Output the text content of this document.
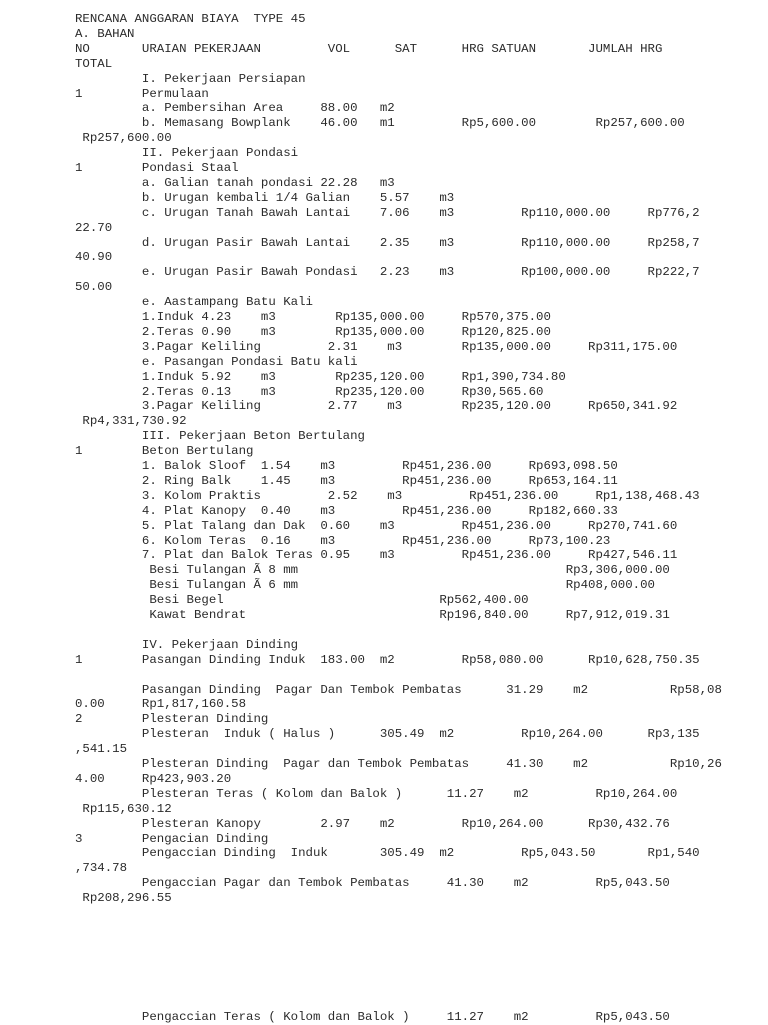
RENCANA ANGGARAN BIAYA  TYPE 45
A. BAHAN
NO       URAIAN PEKERJAAN         VOL      SAT      HRG SATUAN       JUMLAH HRG
TOTAL
I. Pekerjaan Persiapan
1        Permulaan
a. Pembersihan Area     88.00   m2
b. Memasang Bowplank    46.00   m1         Rp5,600.00        Rp257,600.00
Rp257,600.00
II. Pekerjaan Pondasi
1        Pondasi Staal
a. Galian tanah pondasi 22.28   m3
b. Urugan kembali 1/4 Galian    5.57    m3
c. Urugan Tanah Bawah Lantai    7.06    m3         Rp110,000.00     Rp776,2
22.70
d. Urugan Pasir Bawah Lantai    2.35    m3         Rp110,000.00     Rp258,7
40.90
e. Urugan Pasir Bawah Pondasi   2.23    m3         Rp100,000.00     Rp222,7
50.00
e. Aastampang Batu Kali
1.Induk 4.23    m3        Rp135,000.00     Rp570,375.00
2.Teras 0.90    m3        Rp135,000.00     Rp120,825.00
3.Pagar Keliling         2.31    m3        Rp135,000.00     Rp311,175.00
e. Pasangan Pondasi Batu kali
1.Induk 5.92    m3        Rp235,120.00     Rp1,390,734.80
2.Teras 0.13    m3        Rp235,120.00     Rp30,565.60
3.Pagar Keliling         2.77    m3        Rp235,120.00     Rp650,341.92
Rp4,331,730.92
III. Pekerjaan Beton Bertulang
1        Beton Bertulang
1. Balok Sloof  1.54    m3         Rp451,236.00     Rp693,098.50
2. Ring Balk    1.45    m3         Rp451,236.00     Rp653,164.11
3. Kolom Praktis         2.52    m3         Rp451,236.00     Rp1,138,468.43
4. Plat Kanopy  0.40    m3         Rp451,236.00     Rp182,660.33
5. Plat Talang dan Dak  0.60    m3         Rp451,236.00     Rp270,741.60
6. Kolom Teras  0.16    m3         Rp451,236.00     Rp73,100.23
7. Plat dan Balok Teras 0.95    m3         Rp451,236.00     Rp427,546.11
Besi Tulangan Ã 8 mm                                    Rp3,306,000.00
Besi Tulangan Ã 6 mm                                    Rp408,000.00
Besi Begel                             Rp562,400.00
Kawat Bendrat                          Rp196,840.00     Rp7,912,019.31
IV. Pekerjaan Dinding
1        Pasangan Dinding Induk  183.00  m2         Rp58,080.00      Rp10,628,750.35
Pasangan Dinding  Pagar Dan Tembok Pembatas      31.29    m2           Rp58,08
0.00     Rp1,817,160.58
2        Plesteran Dinding
Plesteran  Induk ( Halus )      305.49  m2         Rp10,264.00      Rp3,135
,541.15
Plesteran Dinding  Pagar dan Tembok Pembatas     41.30    m2           Rp10,26
4.00     Rp423,903.20
Plesteran Teras ( Kolom dan Balok )      11.27    m2         Rp10,264.00
Rp115,630.12
Plesteran Kanopy        2.97    m2         Rp10,264.00      Rp30,432.76
3        Pengacian Dinding
Pengaccian Dinding  Induk       305.49  m2         Rp5,043.50       Rp1,540
,734.78
Pengaccian Pagar dan Tembok Pembatas     41.30    m2         Rp5,043.50
Rp208,296.55
Pengaccian Teras ( Kolom dan Balok )     11.27    m2         Rp5,043.50
